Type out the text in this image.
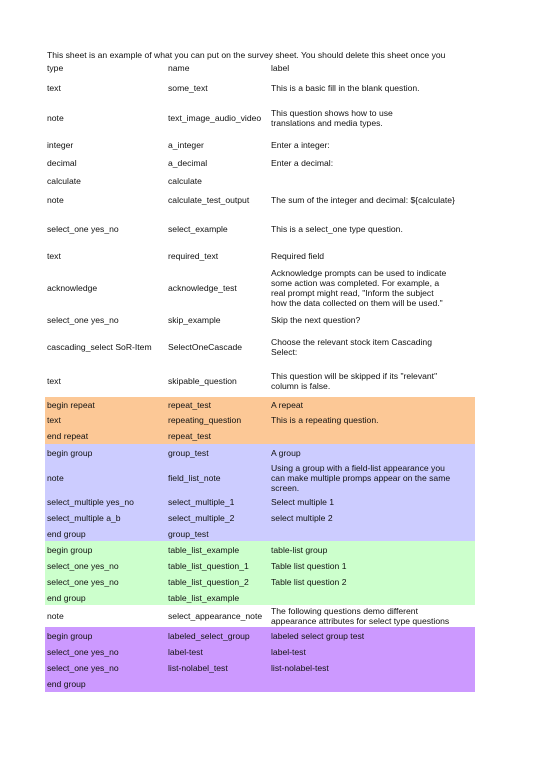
This sheet is an example of what you can put on the survey sheet. You should delete this sheet once you
type	name	label
text	some_text	This is a basic fill in the blank question.
note	text_image_audio_video	This question shows how to use
translations and media types.
integer	a_integer	Enter a integer:
decimal	a_decimal	Enter a decimal:
calculate	calculate
note	calculate_test_output	The sum of the integer and decimal: ${calculate}
select_one yes_no	select_example	This is a select_one type question.
text	required_text	Required field
acknowledge	acknowledge_test
Acknowledge prompts can be used to indicate
some action was completed. For example, a
real prompt might read, "Inform the subject
how the data collected on them will be used."
select_one yes_no	skip_example	Skip the next question?
cascading_select SoR-Item	SelectOneCascade	Choose the relevant stock item Cascading
Select:
text	skipable_question	This question will be skipped if its "relevant"
column is false.
begin repeat	repeat_test	A repeat
text	repeating_question	This is a repeating question.
end repeat	repeat_test
begin group	group_test	A group
note	field_list_note
Using a group with a field-list appearance you
can make multiple promps appear on the same
screen.
select_multiple yes_no	select_multiple_1	Select multiple 1
select_multiple a_b	select_multiple_2	select multiple 2
end group	group_test
begin group	table_list_example	table-list group
select_one yes_no	table_list_question_1	Table list question 1
select_one yes_no	table_list_question_2	Table list question 2
end group	table_list_example
note	select_appearance_note	The following questions demo different
appearance attributes for select type questions
begin group	labeled_select_group	labeled select group test
select_one yes_no	label-test	label-test
select_one yes_no	list-nolabel_test	list-nolabel-test
end group
